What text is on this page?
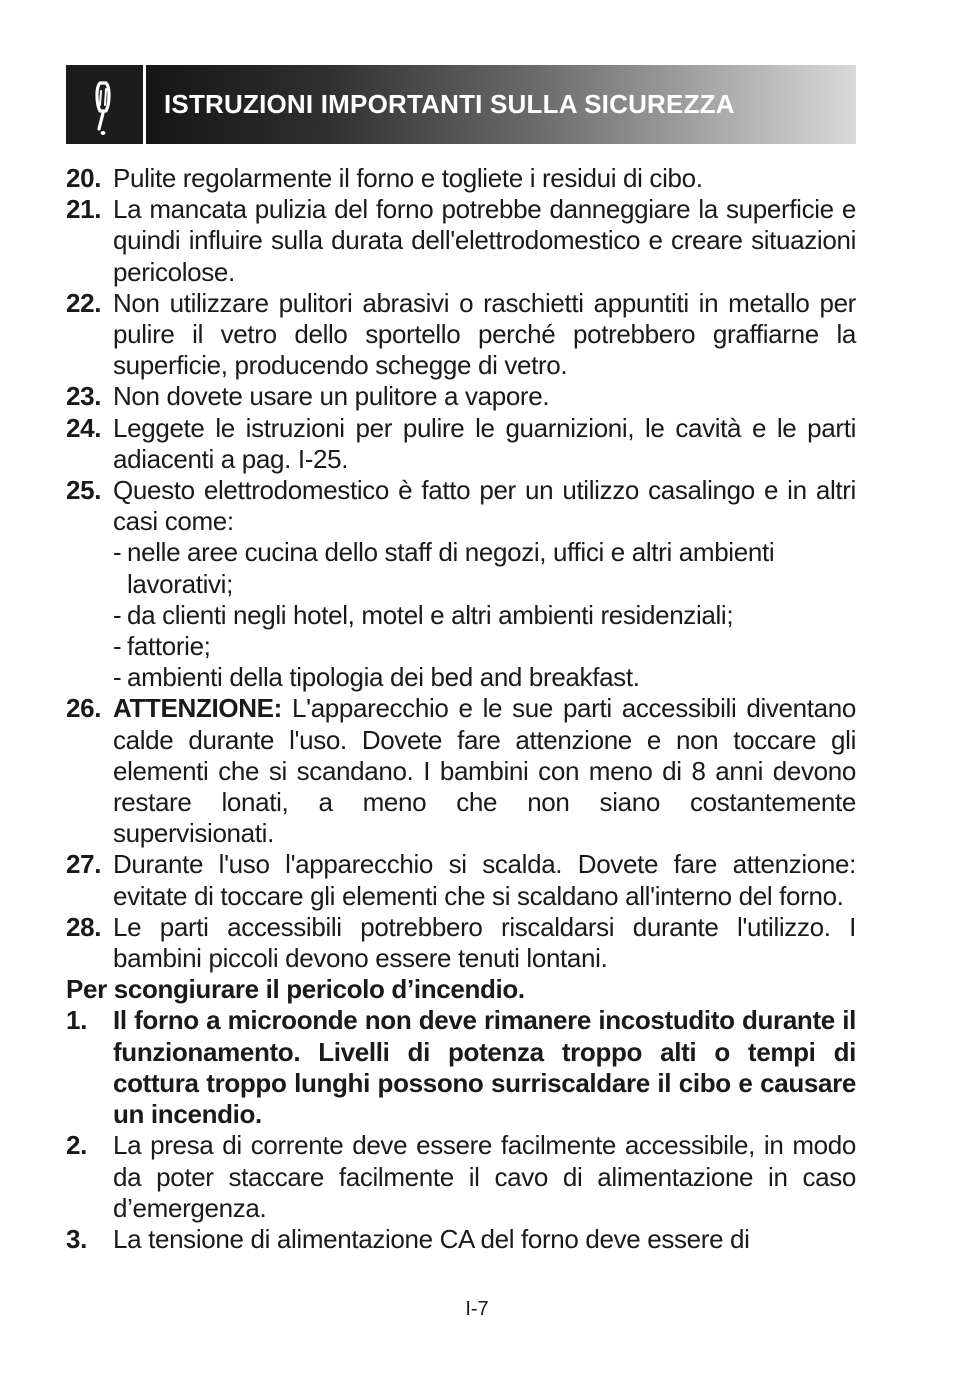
ISTRUZIONI IMPORTANTI SULLA SICUREZZA
20. Pulite regolarmente il forno e togliete i residui di cibo.
21. La mancata pulizia del forno potrebbe danneggiare la superficie e quindi influire sulla durata dell'elettrodomestico e creare situazioni pericolose.
22. Non utilizzare pulitori abrasivi o raschietti appuntiti in metallo per pulire il vetro dello sportello perché potrebbero graffiarne la superficie, producendo schegge di vetro.
23. Non dovete usare un pulitore a vapore.
24. Leggete le istruzioni per pulire le guarnizioni, le cavità e le parti adiacenti a pag. I-25.
25. Questo elettrodomestico è fatto per un utilizzo casalingo e in altri casi come:
- nelle aree cucina dello staff di negozi, uffici e altri ambienti lavorativi;
- da clienti negli hotel, motel e altri ambienti residenziali;
- fattorie;
- ambienti della tipologia dei bed and breakfast.
26. ATTENZIONE: L'apparecchio e le sue parti accessibili diventano calde durante l'uso. Dovete fare attenzione e non toccare gli elementi che si scandano. I bambini con meno di 8 anni devono restare lonati, a meno che non siano costantemente supervisionati.
27. Durante l'uso l'apparecchio si scalda. Dovete fare attenzione: evitate di toccare gli elementi che si scaldano all'interno del forno.
28. Le parti accessibili potrebbero riscaldarsi durante l'utilizzo. I bambini piccoli devono essere tenuti lontani.
Per scongiurare il pericolo d’incendio.
1.	Il forno a microonde non deve rimanere incostudito durante il funzionamento. Livelli di potenza troppo alti o tempi di cottura troppo lunghi possono surriscaldare il cibo e causare un incendio.
2.	La presa di corrente deve essere facilmente accessibile, in modo da poter staccare facilmente il cavo di alimentazione in caso d’emergenza.
3.	La tensione di alimentazione CA del forno deve essere di
I-7
